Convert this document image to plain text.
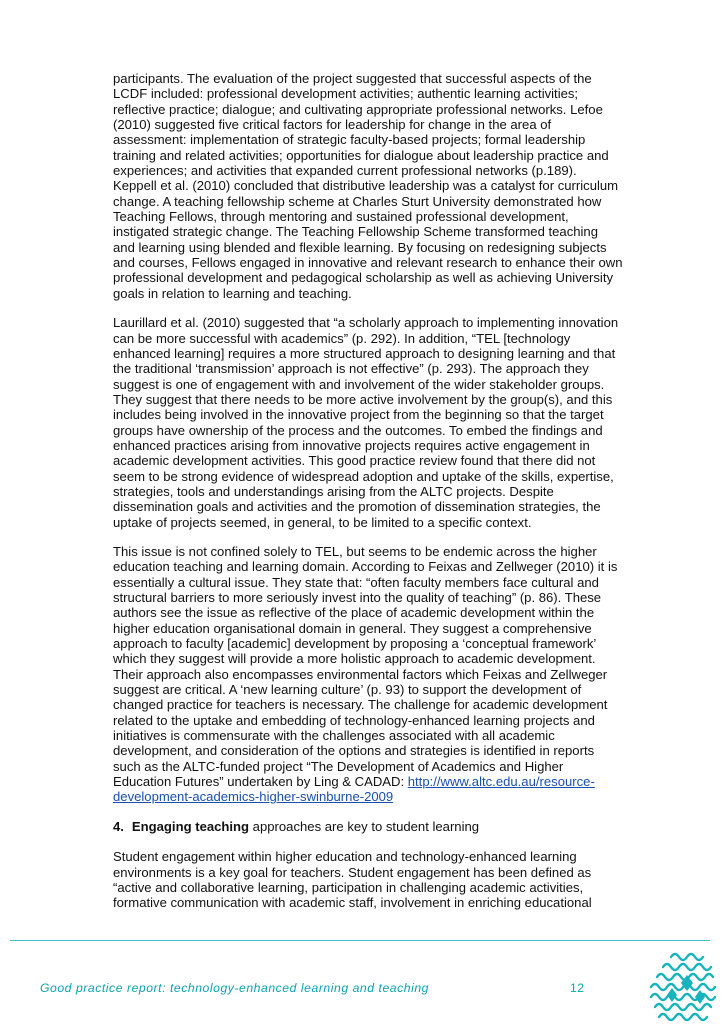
participants. The evaluation of the project suggested that successful aspects of the LCDF included: professional development activities; authentic learning activities; reflective practice; dialogue; and cultivating appropriate professional networks. Lefoe (2010) suggested five critical factors for leadership for change in the area of assessment: implementation of strategic faculty-based projects; formal leadership training and related activities; opportunities for dialogue about leadership practice and experiences; and activities that expanded current professional networks (p.189). Keppell et al. (2010) concluded that distributive leadership was a catalyst for curriculum change. A teaching fellowship scheme at Charles Sturt University demonstrated how Teaching Fellows, through mentoring and sustained professional development, instigated strategic change. The Teaching Fellowship Scheme transformed teaching and learning using blended and flexible learning. By focusing on redesigning subjects and courses, Fellows engaged in innovative and relevant research to enhance their own professional development and pedagogical scholarship as well as achieving University goals in relation to learning and teaching.

Laurillard et al. (2010) suggested that “a scholarly approach to implementing innovation can be more successful with academics” (p. 292). In addition, “TEL [technology enhanced learning] requires a more structured approach to designing learning and that the traditional ‘transmission’ approach is not effective” (p. 293). The approach they suggest is one of engagement with and involvement of the wider stakeholder groups. They suggest that there needs to be more active involvement by the group(s), and this includes being involved in the innovative project from the beginning so that the target groups have ownership of the process and the outcomes. To embed the findings and enhanced practices arising from innovative projects requires active engagement in academic development activities. This good practice review found that there did not seem to be strong evidence of widespread adoption and uptake of the skills, expertise, strategies, tools and understandings arising from the ALTC projects. Despite dissemination goals and activities and the promotion of dissemination strategies, the uptake of projects seemed, in general, to be limited to a specific context.

This issue is not confined solely to TEL, but seems to be endemic across the higher education teaching and learning domain. According to Feixas and Zellweger (2010) it is essentially a cultural issue. They state that: “often faculty members face cultural and structural barriers to more seriously invest into the quality of teaching” (p. 86). These authors see the issue as reflective of the place of academic development within the higher education organisational domain in general. They suggest a comprehensive approach to faculty [academic] development by proposing a ‘conceptual framework’ which they suggest will provide a more holistic approach to academic development. Their approach also encompasses environmental factors which Feixas and Zellweger suggest are critical. A ‘new learning culture’ (p. 93) to support the development of changed practice for teachers is necessary. The challenge for academic development related to the uptake and embedding of technology-enhanced learning projects and initiatives is commensurate with the challenges associated with all academic development, and consideration of the options and strategies is identified in reports such as the ALTC-funded project “The Development of Academics and Higher Education Futures” undertaken by Ling & CADAD: http://www.altc.edu.au/resource-development-academics-higher-swinburne-2009

4. Engaging teaching approaches are key to student learning

Student engagement within higher education and technology-enhanced learning environments is a key goal for teachers. Student engagement has been defined as “active and collaborative learning, participation in challenging academic activities, formative communication with academic staff, involvement in enriching educational

Good practice report: technology-enhanced learning and teaching	12
